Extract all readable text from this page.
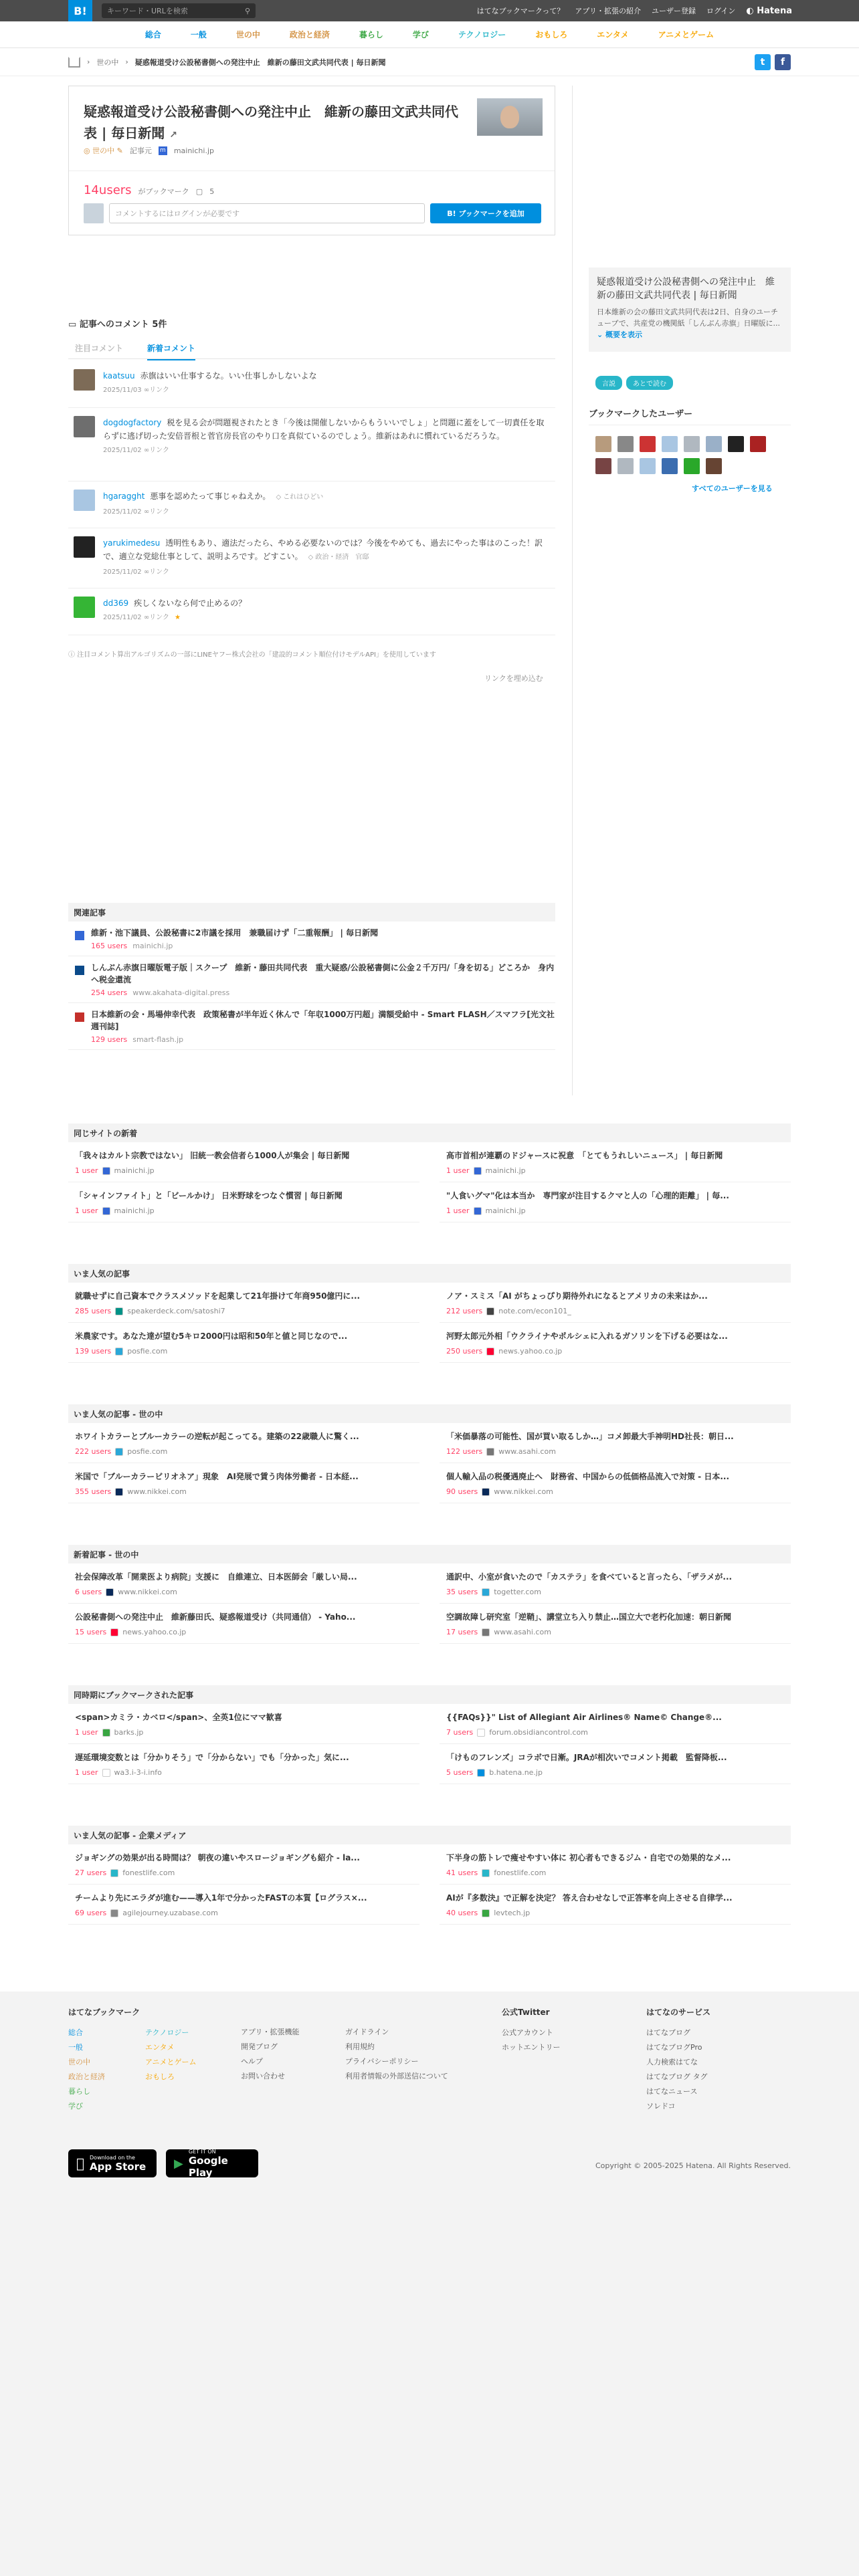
B!	キーワード・URLを検索	⚲	はてなブックマークって？ アプリ・拡張の紹介 ユーザー登録 ログイン ◐ Hatena
総合	一般	世の中	政治と経済	暮らし	学び	テクノロジー	おもしろ	エンタメ	アニメとゲーム
› 世の中 › 疑惑報道受け公設秘書側への発注中止　維新の藤田文武共同代表 | 毎日新聞	t	f
疑惑報道受け公設秘書側への発注中止　維新の藤田文武共同代表 | 毎日新聞 ↗
◎ 世の中 ✎ 記事元 m mainichi.jp
14users がブックマーク ▢ 5
コメントするにはログインが必要です	B! ブックマークを追加
▭ 記事へのコメント 5件
注目コメント	新着コメント
kaatsuu 赤旗はいい仕事するな。いい仕事しかしないよな
2025/11/03 ∞リンク
dogdogfactory 税を見る会が問題視されたとき「今後は開催しないからもういいでしょ」と問題に蓋をして一切責任を取らずに逃げ切った安倍晋根と菅官房長官のやり口を真似ているのでしょう。維新はあれに慣れているだろうな。
2025/11/02 ∞リンク
hgaragght 悪事を認めたって事じゃねえか。 ◇ これはひどい
2025/11/02 ∞リンク
yarukimedesu 透明性もあり、適法だったら、やめる必要ないのでは？今後をやめても、過去にやった事はのこった！訳で、適立な党総仕事として、説明よろです。どすこい。 ◇ 政治・経済　官邸
2025/11/02 ∞リンク
dd369 疾しくないなら何で止めるの？
2025/11/02 ∞リンク ★
ⓘ 注目コメント算出アルゴリズムの一部にLINEヤフー株式会社の「建設的コメント順位付けモデルAPI」を使用しています
リンクを埋め込む
関連記事
維新・池下議員、公設秘書に2市議を採用　兼職届けず「二重報酬」 | 毎日新聞
165 users mainichi.jp
しんぶん赤旗日曜版電子版｜スクープ　維新・藤田共同代表　重大疑惑/公設秘書側に公金２千万円/「身を切る」どころか　身内へ税金還流
254 users www.akahata-digital.press
日本維新の会・馬場伸幸代表　政策秘書が半年近く休んで「年収1000万円超」満額受給中 - Smart FLASH／スマフラ[光文社週刊誌]
129 users smart-flash.jp
疑惑報道受け公設秘書側への発注中止　維新の藤田文武共同代表 | 毎日新聞
日本維新の会の藤田文武共同代表は2日、自身のユーチューブで、共産党の機関紙「しんぶん赤旗」日曜版に... ⌄ 概要を表示
言説	あとで読む
ブックマークしたユーザー
すべてのユーザーを見る
同じサイトの新着
「我々はカルト宗教ではない」 旧統一教会信者ら1000人が集会 | 毎日新聞
1 user mainichi.jp
高市首相が連覇のドジャースに祝意　「とてもうれしいニュース」 | 毎日新聞
1 user mainichi.jp
「シャインファイト」と「ビールかけ」 日米野球をつなぐ慣習 | 毎日新聞
1 user mainichi.jp
"人食いグマ"化は本当か　専門家が注目するクマと人の「心理的距離」 | 毎...
1 user mainichi.jp
いま人気の記事
就職せずに自己資本でクラスメソッドを起業して21年掛けて年商950億円に...
285 users speakerdeck.com/satoshi7
ノア・スミス「AI がちょっぴり期待外れになるとアメリカの未来はか...
212 users note.com/econ101_
米農家です。あなた達が望む5キロ2000円は昭和50年と値と同じなので...
139 users posfie.com
河野太郎元外相「ウクライナやポルシェに入れるガソリンを下げる必要はな...
250 users news.yahoo.co.jp
いま人気の記事 - 世の中
ホワイトカラーとブルーカラーの逆転が起こってる。建築の22歳職人に驚く...
222 users posfie.com
「米価暴落の可能性、国が買い取るしか…」コメ卸最大手神明HD社長：朝日...
122 users www.asahi.com
米国で「ブルーカラービリオネア」現象　AI発展で賃う肉体労働者 - 日本経...
355 users www.nikkei.com
個人輸入品の税優遇廃止へ　財務省、中国からの低価格品流入で対策 - 日本...
90 users www.nikkei.com
新着記事 - 世の中
社会保障改革「開業医より病院」支援に　自維連立、日本医師会「厳しい局...
6 users www.nikkei.com
通訳中、小室が食いたので「カステラ」を食べていると言ったら、「ザラメが...
35 users togetter.com
公設秘書側への発注中止　維新藤田氏、疑惑報道受け（共同通信） - Yaho...
15 users news.yahoo.co.jp
空調故障し研究室「逆鞘」、講堂立ち入り禁止…国立大で老朽化加速：朝日新聞
17 users www.asahi.com
同時期にブックマークされた記事
<span>カミラ・カベロ</span>、全英1位にママ歓喜
1 user barks.jp
{{FAQs}}" List of Allegiant Air Airlines® Name© Change®...
7 users forum.obsidiancontrol.com
遅延環境変数とは「分かりそう」で「分からない」でも「分かった」気に...
1 user wa3.i-3-i.info
「けものフレンズ」コラボで日漸。JRAが相次いでコメント掲載　監督降板...
5 users b.hatena.ne.jp
いま人気の記事 - 企業メディア
ジョギングの効果が出る時間は？ 朝夜の違いやスロージョギングも紹介 - la...
27 users fonestlife.com
下半身の筋トレで痩せやすい体に 初心者もできるジム・自宅での効果的なメ...
41 users fonestlife.com
チームより先にエラダが進む——導入1年で分かったFASTの本質【ログラス×...
69 users agilejourney.uzabase.com
AIが『多数決』で正解を決定？ 答え合わせなしで正答率を向上させる自律学...
40 users levtech.jp
はてなブックマーク
総合
一般
世の中
政治と経済
暮らし
学び
テクノロジー
エンタメ
アニメとゲーム
おもしろ
アプリ・拡張機能
開発ブログ
ヘルプ
お問い合わせ
ガイドライン
利用規約
プライバシーポリシー
利用者情報の外部送信について
公式Twitter
公式アカウント
ホットエントリー
はてなのサービス
はてなブログ
はてなブログPro
人力検索はてな
はてなブログ タグ
はてなニュース
ソレドコ
Download on the
App Store	▶
GET IT ON
Google Play
Copyright © 2005-2025 Hatena. All Rights Reserved.
